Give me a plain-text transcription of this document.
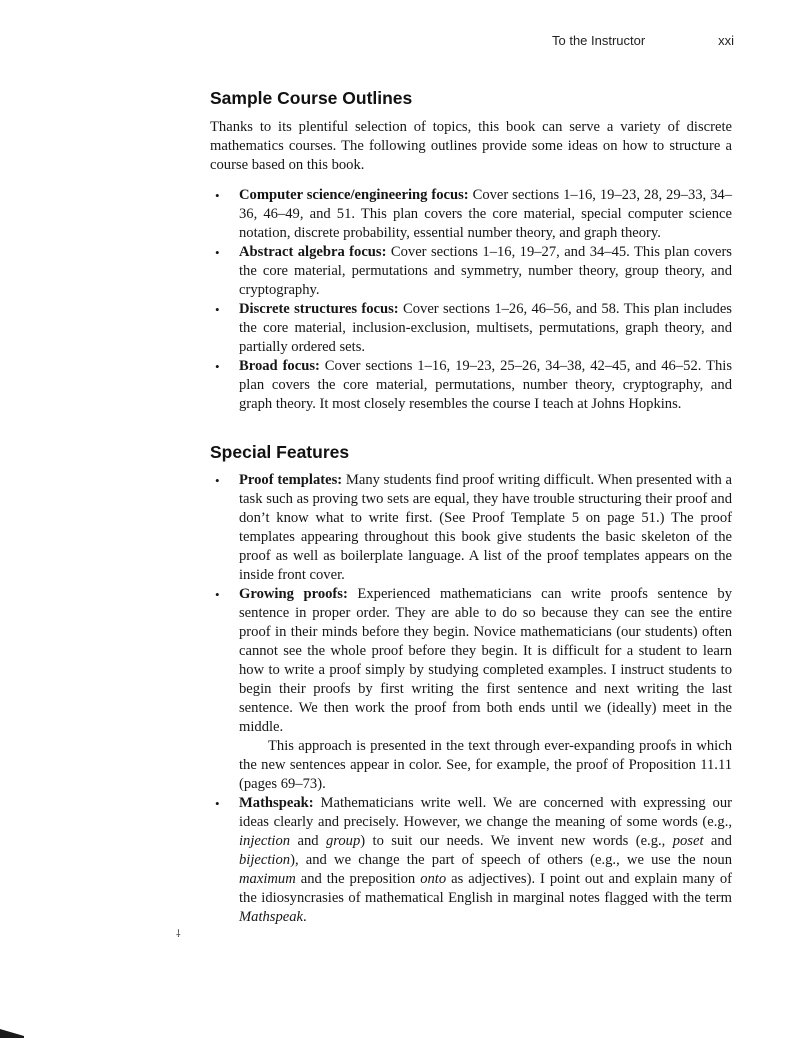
To the Instructor	xxi
Sample Course Outlines

Thanks to its plentiful selection of topics, this book can serve a variety of discrete mathematics courses. The following outlines provide some ideas on how to structure a course based on this book.

• Computer science/engineering focus: Cover sections 1–16, 19–23, 28, 29–33, 34–36, 46–49, and 51. This plan covers the core material, special computer science notation, discrete probability, essential number theory, and graph theory.
• Abstract algebra focus: Cover sections 1–16, 19–27, and 34–45. This plan covers the core material, permutations and symmetry, number theory, group theory, and cryptography.
• Discrete structures focus: Cover sections 1–26, 46–56, and 58. This plan includes the core material, inclusion-exclusion, multisets, permutations, graph theory, and partially ordered sets.
• Broad focus: Cover sections 1–16, 19–23, 25–26, 34–38, 42–45, and 46–52. This plan covers the core material, permutations, number theory, cryptography, and graph theory. It most closely resembles the course I teach at Johns Hopkins.
Special Features
• Proof templates: Many students find proof writing difficult. When presented with a task such as proving two sets are equal, they have trouble structuring their proof and don’t know what to write first. (See Proof Template 5 on page 51.) The proof templates appearing throughout this book give students the basic skeleton of the proof as well as boilerplate language. A list of the proof templates appears on the inside front cover.
• Growing proofs: Experienced mathematicians can write proofs sentence by sentence in proper order. They are able to do so because they can see the entire proof in their minds before they begin. Novice mathematicians (our students) often cannot see the whole proof before they begin. It is difficult for a student to learn how to write a proof simply by studying completed examples. I instruct students to begin their proofs by first writing the first sentence and next writing the last sentence. We then work the proof from both ends until we (ideally) meet in the middle.

This approach is presented in the text through ever-expanding proofs in which the new sentences appear in color. See, for example, the proof of Proposition 11.11 (pages 69–73).

• Mathspeak: Mathematicians write well. We are concerned with expressing our ideas clearly and precisely. However, we change the meaning of some words (e.g., injection and group) to suit our needs. We invent new words (e.g., poset and bijection), and we change the part of speech of others (e.g., we use the noun maximum and the preposition onto as adjectives). I point out and explain many of the idiosyncrasies of mathematical English in marginal notes flagged with the term Mathspeak.
⸸
